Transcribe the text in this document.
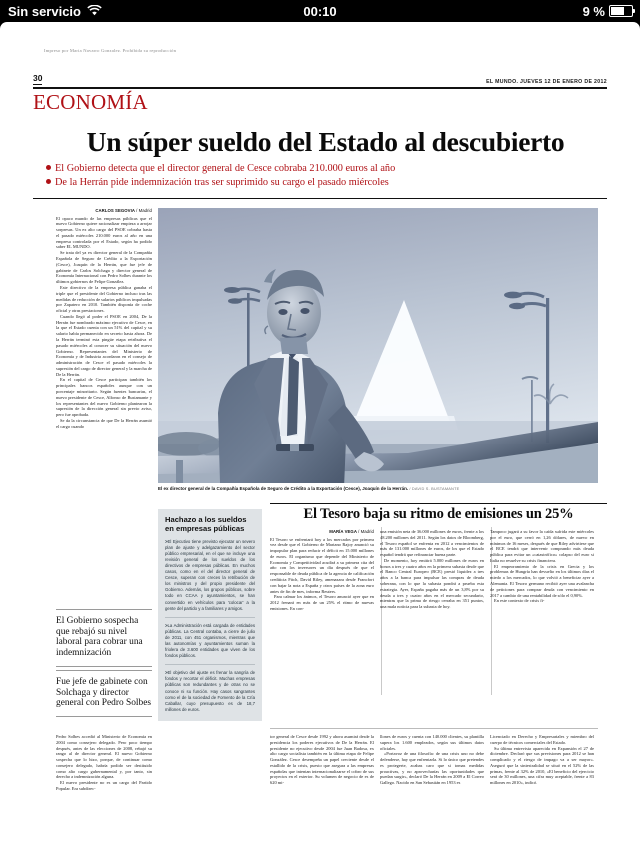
Sin servicio	00:10	9 %
Impreso por Maria Navarro Gonzalez. Prohibida su reproducción
30	EL MUNDO. JUEVES 12 DE ENERO DE 2012
ECONOMÍA
Un súper sueldo del Estado al descubierto
El Gobierno detecta que el director general de Cesce cobraba 210.000 euros al año
De la Herrán pide indemnización tras ser suprimido su cargo el pasado miércoles
CARLOS SEGOVIA / Madrid

El opaco mundo de las empresas públicas que el nuevo Gobierno quiere racionalizar empieza a arrojar sorpresas. Un ex alto cargo del PSOE cobraba hasta el pasado miércoles 210.000 euros al año en una empresa controlada por el Estado, según ha podido saber EL MUNDO.

Se trata del ya ex director general de la Compañía Española de Seguro de Crédito a la Exportación (Cesce), Joaquín de la Herrán, que fue jefe de gabinete de Carlos Solchaga y director general de Economía Internacional con Pedro Solbes durante los últimos gobiernos de Felipe González.

Este directivo de la empresa pública ganaba el triple que el presidente del Gobierno incluso tras las medidas de reducción de salarios públicos impulsadas por Zapatero en 2010. También disponía de coche oficial y otras prestaciones.

Cuando llegó al poder el PSOE en 2004, De la Herrán fue nombrado máximo ejecutivo de Cesce, en la que el Estado cuenta con un 51% del capital y su salario había permanecido en secreto hasta ahora. De la Herrán terminó esta pingüe etapa retributiva el pasado miércoles al conocer su situación del nuevo Gobierno. Representantes del Ministerio de Economía y de Industria acordaron en el consejo de administración de Cesce el pasado miércoles la supresión del cargo de director general y la marcha de De la Herrán.

En el capital de Cesce participan también los principales bancos españoles aunque con un porcentaje minoritario. Según fuentes bancarias, el nuevo presidente de Cesce, Alfonso de Bustamante y los representantes del nuevo Gobierno plantearon la supresión de la dirección general sin previo aviso, pero fue aprobada.

Se da la circunstancia de que De la Herrán asumió el cargo cuando

El Gobierno sospecha que rebajó su nivel laboral para cobrar una indemnización
Fue jefe de gabinete con Solchaga y director general con Pedro Solbes

Pedro Solbes accedió al Ministerio de Economía en 2004 como consejero delegado. Pero poco tiempo después, antes de las elecciones de 2008, rebajó su rango al de director general. El nuevo Gobierno sospecha que lo hizo, porque, de continuar como consejero delegado, habría podido ser destituido como alto cargo gubernamental y, por tanto, sin derecho a indemnización alguna.

El nuevo presidente no es un cargo del Partido Popular. Era subdirec-

El ex director general de la Compañía Española de Seguro de Crédito a la Exportación (Cesce), Joaquín de la Herrán. / DAVID S. BUSTAMANTE
Hachazo a los sueldos en empresas públicas
>El Ejecutivo tiene previsto ejecutar un severo plan de ajuste y adelgazamiento del sector público empresarial, en el que se incluye una revisión general de los sueldos de los directivos de empresas públicas. En muchos casos, como en el del director general de Cesce, superan con creces la retribución de los ministros y del propio presidente del Gobierno. Además, los grupos públicos, sobre todo en CCAA y ayuntamientos, se han convertido en vehículos para 'colocar' a la gente del partido y a familiares y amigos.
>La Administración está cargada de entidades públicas. La Central contaba, a cierre de julio de 2011, con 451 organismos, mientras que las autonomías y ayuntamientos suman la friolera de 3.600 entidades que viven de los fondos públicos.
>El objetivo del ajuste es frenar la sangría de fondos y recortar el déficit. Muchas empresas públicas son redundantes y de otras no se conoce ni su función. Hay casos sangrantes como el de la sociedad de Fomento de la Cría Caballar, cuyo presupuesto es de 18,7 millones de euros.
El Tesoro baja su ritmo de emisiones un 25%
MARÍA VEGA / Madrid

El Tesoro se enfrentará hoy a los mercados por primera vez desde que el Gobierno de Mariano Rajoy anunció su impopular plan para reducir el déficit en 15.000 millones de euros. El organismo que depende del Ministerio de Economía y Competitividad acudirá a su primera cita del año con los inversores un día después de que el responsable de deuda pública de la agencia de calificación crediticia Fitch, David Riley, amenazara desde Francfort con bajar la nota a España y otros países de la zona euro antes de fin de mes, informa Reuters.

Para calmar los ánimos, el Tesoro anunció ayer que en 2012 frenará en más de un 25% el ritmo de nuevas emisiones. En con-

una emisión neta de 36.000 millones de euros, frente a los 48.200 millones del 2011. Según los datos de Bloomberg, el Tesoro español se enfrenta en 2012 a vencimientos de más de 131.000 millones de euros, de los que el Estado español tendrá que refinanciar buena parte.

De momento, hoy emitirá 5.000 millones de euros en bonos a tres y cuatro años en la primera subasta desde que el Banco Central Europeo (BCE) prestó liquidez a tres años a la banca para impulsar las compras de deuda soberana, con lo que la subasta pondrá a prueba esta estrategia. Ayer, España pagaba más de un 3,8% por su deuda a tres y cuatro años en el mercado secundario, mientras que la prima de riesgo cerraba en 351 puntos, una mala noticia para la subasta de hoy.

Tampoco jugará a su favor la caída sufrida este miércoles por el euro, que cerró en 1,26 dólares, de nuevo en mínimos de 16 meses, después de que Riley advirtiese que el BCE tendrá que intervenir comprando más deuda pública para evitar un «catastrófico» colapso del euro si Italia no resuelve su crisis financiera.

El empeoramiento de la crisis en Grecia y los problemas de Hungría han devuelto en los últimos días el miedo a los mercados, lo que volvió a beneficiar ayer a Alemania. El Tesoro germano recibió ayer una avalancha de peticiones para comprar deuda con vencimiento en 2017 a cambio de una rentabilidad de sólo el 0,90%.

En este contexto de crisis fi-

tor general de Cesce desde 1992 y ahora asumirá desde la presidencia los poderes ejecutivos de De la Herrán. El presidente no ejecutivo desde 2004 fue Juan Badosa, ex alto cargo socialista también en la última etapa de Felipe González. Cesce desempeña un papel creciente desde el estallido de la crisis, puesto que asegura a las empresas españolas que intentan internacionalizarse el cobro de sus proyectos en el exterior. Su volumen de negocio de es de 620 mi-

llones de euros y cuenta con 140.000 clientes, su plantilla supera los 1.600 empleados, según sus últimos datos oficiales.

«Portavoz de una filosofía: de una crisis uno no debe defenderse, hay que enfrentarla. Si lo único que pretendes es protegerte, acabas caro que si tomas medidas proactivas, y no aprovecharías las oportunidades que puedan surgir», declaró De la Herrán en 2009 a El Correo Gallego. Nacido en San Sebastián en 1953 es

Licenciado en Derecho y Empresariales y miembro del cuerpo de técnicos comerciales del Estado.

Su última entrevista aparecida en Expansión el 27 de diciembre. Declaró que sus previsiones para 2012 se han complicado y el riesgo de impago va a ser mayor». Aseguró que la siniestralidad se situó en el 52% de las primas, frente al 32% de 2010, «El beneficio del ejercicio será de 30 millones, una cifra muy aceptable, frente a 83 millones en 2010», indicó.
